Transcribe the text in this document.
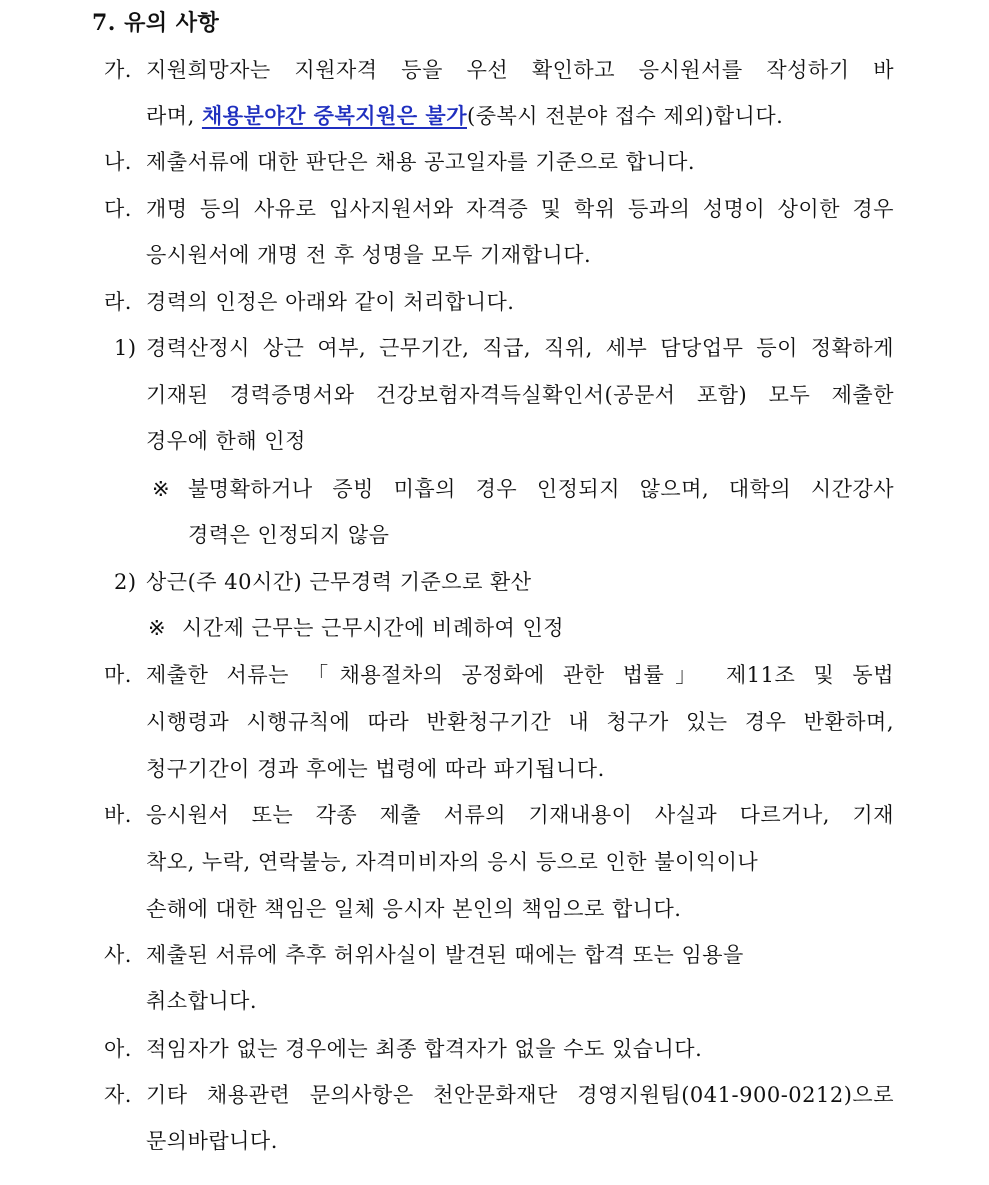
7. 유의 사항
가. 지원희망자는 지원자격 등을 우선 확인하고 응시원서를 작성하기 바
라며, 채용분야간 중복지원은 불가(중복시 전분야 접수 제외)합니다.
나. 제출서류에 대한 판단은 채용 공고일자를 기준으로 합니다.
다. 개명 등의 사유로 입사지원서와 자격증 및 학위 등과의 성명이 상이한 경우
응시원서에 개명 전 후 성명을 모두 기재합니다.
라. 경력의 인정은 아래와 같이 처리합니다.
1) 경력산정시 상근 여부, 근무기간, 직급, 직위, 세부 담당업무 등이 정확하게
기재된 경력증명서와 건강보험자격득실확인서(공문서 포함) 모두 제출한
경우에 한해 인정
※ 불명확하거나 증빙 미흡의 경우 인정되지 않으며, 대학의 시간강사
경력은 인정되지 않음
2) 상근(주 40시간) 근무경력 기준으로 환산
※ 시간제 근무는 근무시간에 비례하여 인정
마. 제출한 서류는 「채용절차의 공정화에 관한 법률」 제11조 및 동법
시행령과 시행규칙에 따라 반환청구기간 내 청구가 있는 경우 반환하며,
청구기간이 경과 후에는 법령에 따라 파기됩니다.
바. 응시원서 또는 각종 제출 서류의 기재내용이 사실과 다르거나, 기재
착오, 누락, 연락불능, 자격미비자의 응시 등으로 인한 불이익이나
손해에 대한 책임은 일체 응시자 본인의 책임으로 합니다.
사. 제출된 서류에 추후 허위사실이 발견된 때에는 합격 또는 임용을
취소합니다.
아. 적임자가 없는 경우에는 최종 합격자가 없을 수도 있습니다.
자. 기타 채용관련 문의사항은 천안문화재단 경영지원팀(041-900-0212)으로
문의바랍니다.
